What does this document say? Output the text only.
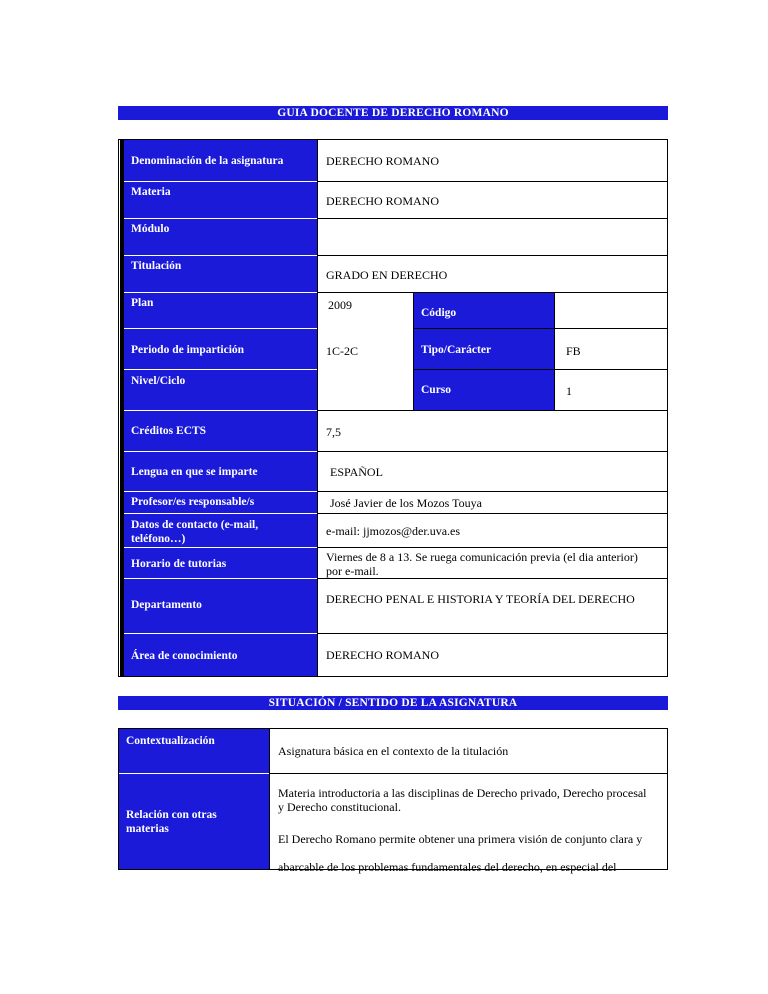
GUIA DOCENTE DE DERECHO ROMANO
Denominación de la asignatura
Materia
Módulo
Titulación
Plan
Periodo de impartición
Nivel/Ciclo
Créditos ECTS
Lengua en que se imparte
Profesor/es responsable/s
Datos de contacto (e-mail, teléfono…)
Horario de tutorias
Departamento
Área de conocimiento
Código
Tipo/Carácter
Curso
DERECHO ROMANO
DERECHO ROMANO
GRADO EN DERECHO
2009
1C-2C	FB
1
7,5
ESPAÑOL
José Javier de los Mozos Touya
e-mail: jjmozos@der.uva.es
Viernes de 8 a 13. Se ruega comunicación previa (el dia anterior) por e-mail.
DERECHO PENAL E HISTORIA Y TEORÍA DEL DERECHO
DERECHO ROMANO
SITUACIÓN / SENTIDO DE LA ASIGNATURA
Contextualización
Relación con otras materias
Asignatura básica en el contexto de la titulación
Materia introductoria a las disciplinas de Derecho privado, Derecho procesal y Derecho constitucional.
El Derecho Romano permite obtener una primera visión de conjunto clara y abarcable de los problemas fundamentales del derecho, en especial del
